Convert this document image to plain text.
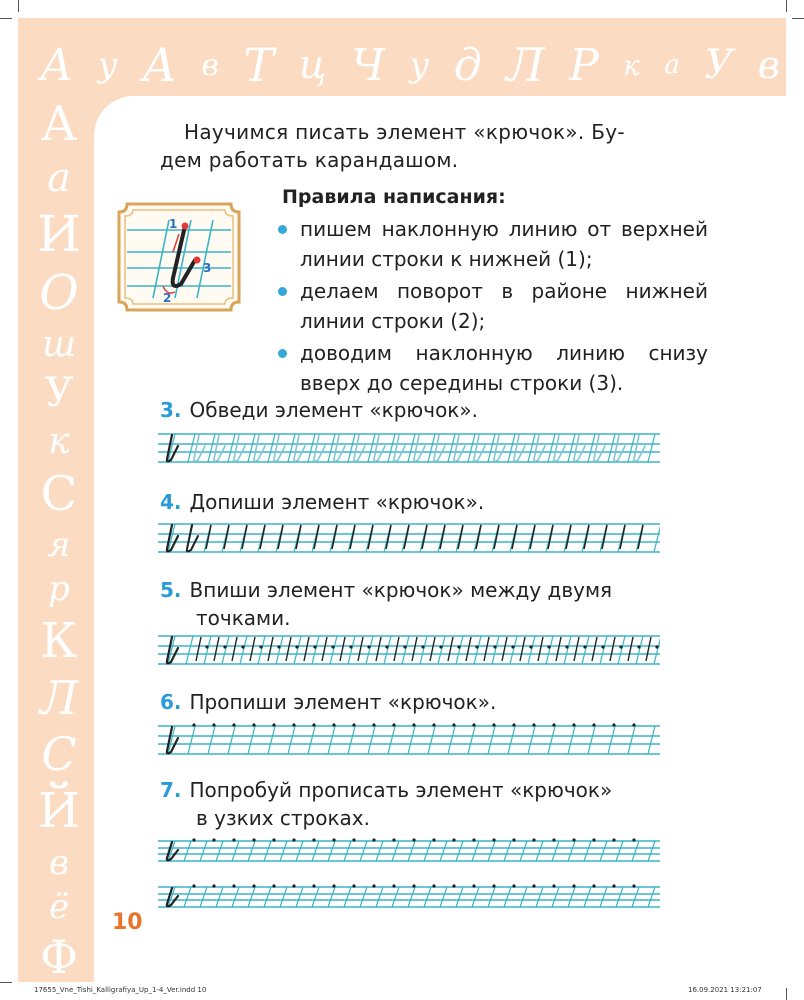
А у А в Т ц Ч у д Л Р к а У в
А
а
И
О
ш
У
к
С
я
р
К
Л
С
Й
в
ё
Ф
Научимся писать элемент «крючок». Бу-
дем работать карандашом.
1
2
3
Правила написания:
пишем наклонную линию от верхней линии строки к нижней (1);
делаем поворот в районе нижней линии строки (2);
доводим наклонную линию снизу вверх до середины строки (3).
3. Обведи элемент «крючок».
4. Допиши элемент «крючок».
5. Впиши элемент «крючок» между двумя
точками.
6. Пропиши элемент «крючок».
7. Попробуй прописать элемент «крючок»
в узких строках.
10
17655_Vne_Tishi_Kalligrafiya_Up_1-4_Ver.indd 10	16.09.2021 13:21:07
